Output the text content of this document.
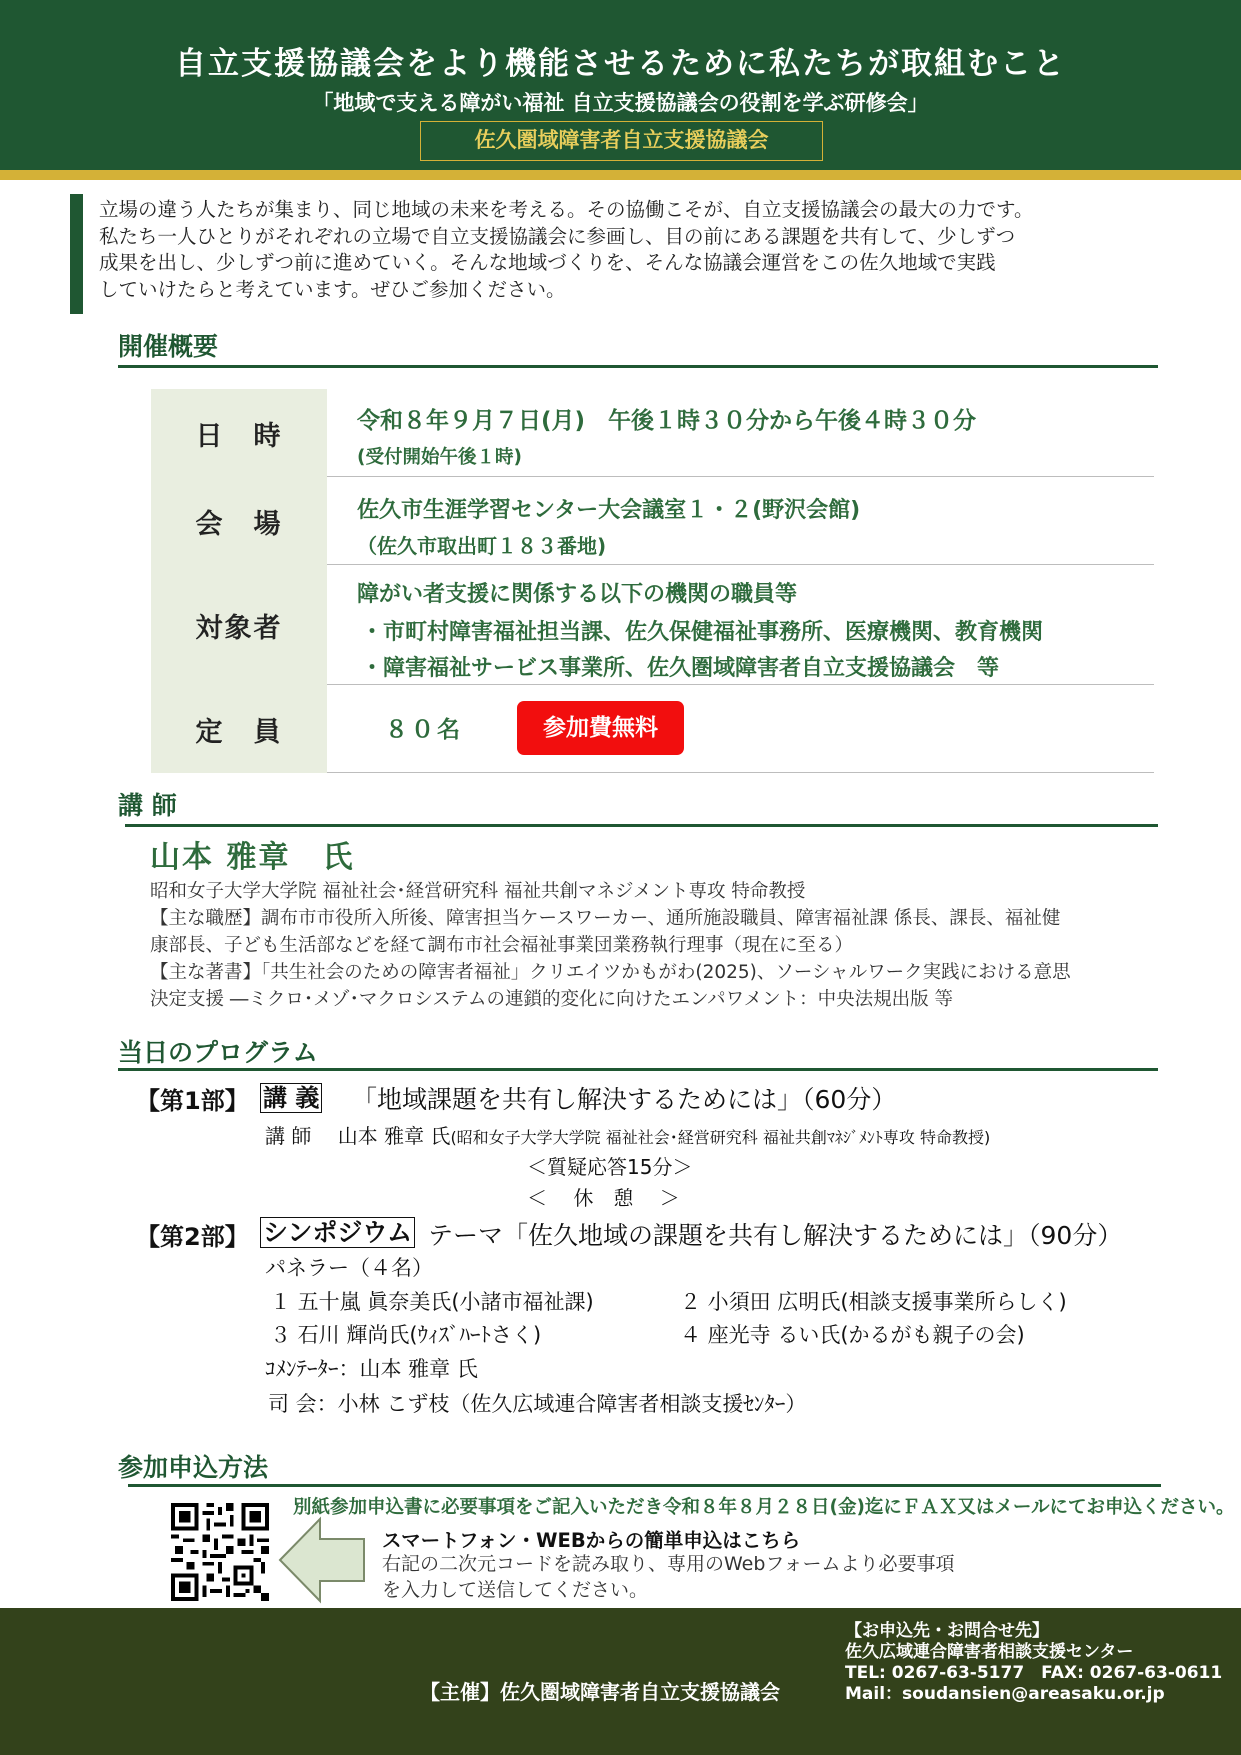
自立支援協議会をより機能させるために私たちが取組むこと
「地域で支える障がい福祉 自立支援協議会の役割を学ぶ研修会」
佐久圏域障害者自立支援協議会
立場の違う人たちが集まり、同じ地域の未来を考える。その協働こそが、自立支援協議会の最大の力です。
私たち一人ひとりがそれぞれの立場で自立支援協議会に参画し、目の前にある課題を共有して、少しずつ
成果を出し、少しずつ前に進めていく。そんな地域づくりを、そんな協議会運営をこの佐久地域で実践
していけたらと考えています。ぜひご参加ください。
開催概要
日　時	令和８年９月７日(月)　午後１時３０分から午後４時３０分
(受付開始午後１時)
会　場	佐久市生涯学習センター大会議室１・２(野沢会館)
（佐久市取出町１８３番地)
対象者
障がい者支援に関係する以下の機関の職員等
・市町村障害福祉担当課、佐久保健福祉事務所、医療機関、教育機関
・障害福祉サービス事業所、佐久圏域障害者自立支援協議会　等
定　員	８０名	参加費無料
講 師
山本 雅章　氏
昭和女子大学大学院 福祉社会･経営研究科 福祉共創マネジメント専攻 特命教授
【主な職歴】調布市市役所入所後、障害担当ケースワーカー、通所施設職員、障害福祉課 係長、課長、福祉健
康部長、子ども生活部などを経て調布市社会福祉事業団業務執行理事（現在に至る）
【主な著書】「共生社会のための障害者福祉」クリエイツかもがわ(2025)、ソーシャルワーク実践における意思
決定支援 ―ミクロ･メゾ･マクロシステムの連鎖的変化に向けたエンパワメント：中央法規出版 等
当日のプログラム
【第1部】 講 義 「地域課題を共有し解決するためには」（60分）
講 師　 山本 雅章 氏(昭和女子大学大学院 福祉社会･経営研究科 福祉共創ﾏﾈｼﾞﾒﾝﾄ専攻 特命教授)
＜質疑応答15分＞
＜　 休　憩　 ＞
【第2部】 シンポジウム テーマ「佐久地域の課題を共有し解決するためには」（90分）
パネラー（４名）
１ 五十嵐 眞奈美氏(小諸市福祉課)	２ 小須田 広明氏(相談支援事業所らしく)
３ 石川 輝尚氏(ｳｨｽﾞﾊｰﾄさく)	４ 座光寺 るい氏(かるがも親子の会)
ｺﾒﾝﾃｰﾀｰ：山本 雅章 氏
司 会：小林 こず枝（佐久広域連合障害者相談支援ｾﾝﾀｰ）
参加申込方法
別紙参加申込書に必要事項をご記入いただき令和８年８月２８日(金)迄にＦＡＸ又はメールにてお申込ください。
スマートフォン・WEBからの簡単申込はこちら
右記の二次元コードを読み取り、専用のWebフォームより必要事項
を入力して送信してください。
【主催】佐久圏域障害者自立支援協議会
【お申込先・お問合せ先】
佐久広域連合障害者相談支援センター
TEL: 0267-63-5177　FAX: 0267-63-0611
Mail：soudansien@areasaku.or.jp
